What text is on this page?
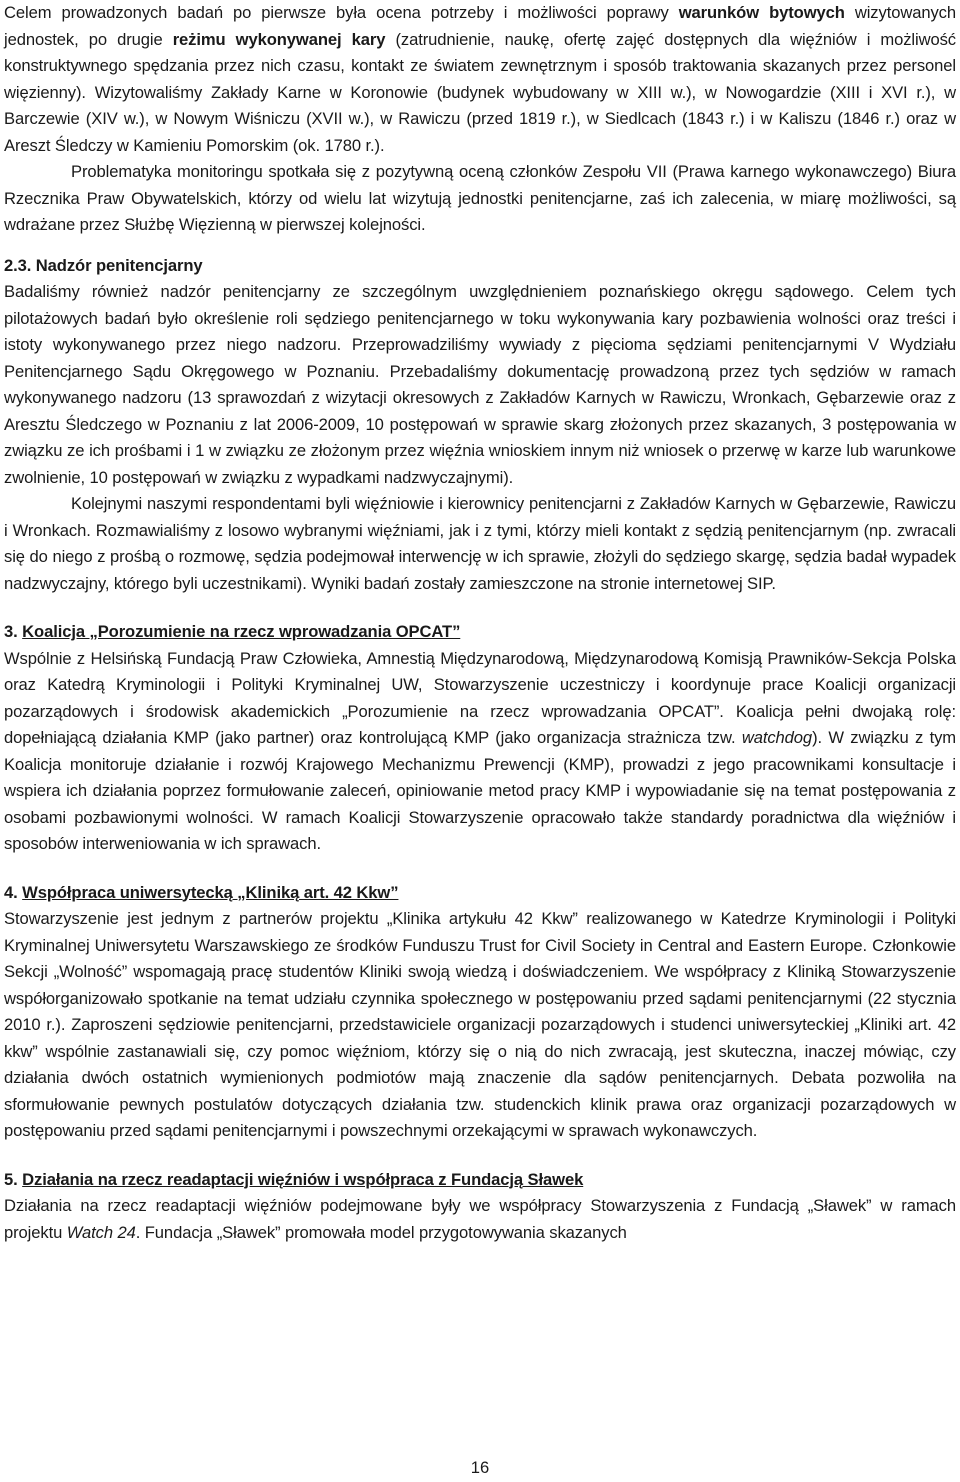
Celem prowadzonych badań po pierwsze była ocena potrzeby i możliwości poprawy warunków bytowych wizytowanych jednostek, po drugie reżimu wykonywanej kary (zatrudnienie, naukę, ofertę zajęć dostępnych dla więźniów i możliwość konstruktywnego spędzania przez nich czasu, kontakt ze światem zewnętrznym i sposób traktowania skazanych przez personel więzienny). Wizytowaliśmy Zakłady Karne w Koronowie (budynek wybudowany w XIII w.), w Nowogardzie (XIII i XVI r.), w Barczewie (XIV w.), w Nowym Wiśniczu (XVII w.), w Rawiczu (przed 1819 r.), w Siedlcach (1843 r.) i w Kaliszu (1846 r.) oraz w Areszt Śledczy w Kamieniu Pomorskim (ok. 1780 r.).

Problematyka monitoringu spotkała się z pozytywną oceną członków Zespołu VII (Prawa karnego wykonawczego) Biura Rzecznika Praw Obywatelskich, którzy od wielu lat wizytują jednostki penitencjarne, zaś ich zalecenia, w miarę możliwości, są wdrażane przez Służbę Więzienną w pierwszej kolejności.

2.3. Nadzór penitencjarny

Badaliśmy również nadzór penitencjarny ze szczególnym uwzględnieniem poznańskiego okręgu sądowego. Celem tych pilotażowych badań było określenie roli sędziego penitencjarnego w toku wykonywania kary pozbawienia wolności oraz treści i istoty wykonywanego przez niego nadzoru. Przeprowadziliśmy wywiady z pięcioma sędziami penitencjarnymi V Wydziału Penitencjarnego Sądu Okręgowego w Poznaniu. Przebadaliśmy dokumentację prowadzoną przez tych sędziów w ramach wykonywanego nadzoru (13 sprawozdań z wizytacji okresowych z Zakładów Karnych w Rawiczu, Wronkach, Gębarzewie oraz z Aresztu Śledczego w Poznaniu z lat 2006-2009, 10 postępowań w sprawie skarg złożonych przez skazanych, 3 postępowania w związku ze ich prośbami i 1 w związku ze złożonym przez więźnia wnioskiem innym niż wniosek o przerwę w karze lub warunkowe zwolnienie, 10 postępowań w związku z wypadkami nadzwyczajnymi).

Kolejnymi naszymi respondentami byli więźniowie i kierownicy penitencjarni z Zakładów Karnych w Gębarzewie, Rawiczu i Wronkach. Rozmawialiśmy z losowo wybranymi więźniami, jak i z tymi, którzy mieli kontakt z sędzią penitencjarnym (np. zwracali się do niego z prośbą o rozmowę, sędzia podejmował interwencję w ich sprawie, złożyli do sędziego skargę, sędzia badał wypadek nadzwyczajny, którego byli uczestnikami). Wyniki badań zostały zamieszczone na stronie internetowej SIP.

3. Koalicja „Porozumienie na rzecz wprowadzania OPCAT”

Wspólnie z Helsińską Fundacją Praw Człowieka, Amnestią Międzynarodową, Międzynarodową Komisją Prawników-Sekcja Polska oraz Katedrą Kryminologii i Polityki Kryminalnej UW, Stowarzyszenie uczestniczy i koordynuje prace Koalicji organizacji pozarządowych i środowisk akademickich „Porozumienie na rzecz wprowadzania OPCAT”. Koalicja pełni dwojaką rolę: dopełniającą działania KMP (jako partner) oraz kontrolującą KMP (jako organizacja strażnicza tzw. watchdog). W związku z tym Koalicja monitoruje działanie i rozwój Krajowego Mechanizmu Prewencji (KMP), prowadzi z jego pracownikami konsultacje i wspiera ich działania poprzez formułowanie zaleceń, opiniowanie metod pracy KMP i wypowiadanie się na temat postępowania z osobami pozbawionymi wolności. W ramach Koalicji Stowarzyszenie opracowało także standardy poradnictwa dla więźniów i sposobów interweniowania w ich sprawach.

4. Współpraca uniwersytecką „Kliniką art. 42 Kkw”

Stowarzyszenie jest jednym z partnerów projektu „Klinika artykułu 42 Kkw” realizowanego w Katedrze Kryminologii i Polityki Kryminalnej Uniwersytetu Warszawskiego ze środków Funduszu Trust for Civil Society in Central and Eastern Europe. Członkowie Sekcji „Wolność” wspomagają pracę studentów Kliniki swoją wiedzą i doświadczeniem. We współpracy z Kliniką Stowarzyszenie współorganizowało spotkanie na temat udziału czynnika społecznego w postępowaniu przed sądami penitencjarnymi (22 stycznia 2010 r.). Zaproszeni sędziowie penitencjarni, przedstawiciele organizacji pozarządowych i studenci uniwersyteckiej „Kliniki art. 42 kkw” wspólnie zastanawiali się, czy pomoc więźniom, którzy się o nią do nich zwracają, jest skuteczna, inaczej mówiąc, czy działania dwóch ostatnich wymienionych podmiotów mają znaczenie dla sądów penitencjarnych. Debata pozwoliła na sformułowanie pewnych postulatów dotyczących działania tzw. studenckich klinik prawa oraz organizacji pozarządowych w postępowaniu przed sądami penitencjarnymi i powszechnymi orzekającymi w sprawach wykonawczych.

5. Działania na rzecz readaptacji więźniów i współpraca z Fundacją Sławek

Działania na rzecz readaptacji więźniów podejmowane były we współpracy Stowarzyszenia z Fundacją „Sławek” w ramach projektu Watch 24. Fundacja „Sławek” promowała model przygotowywania skazanych

16
